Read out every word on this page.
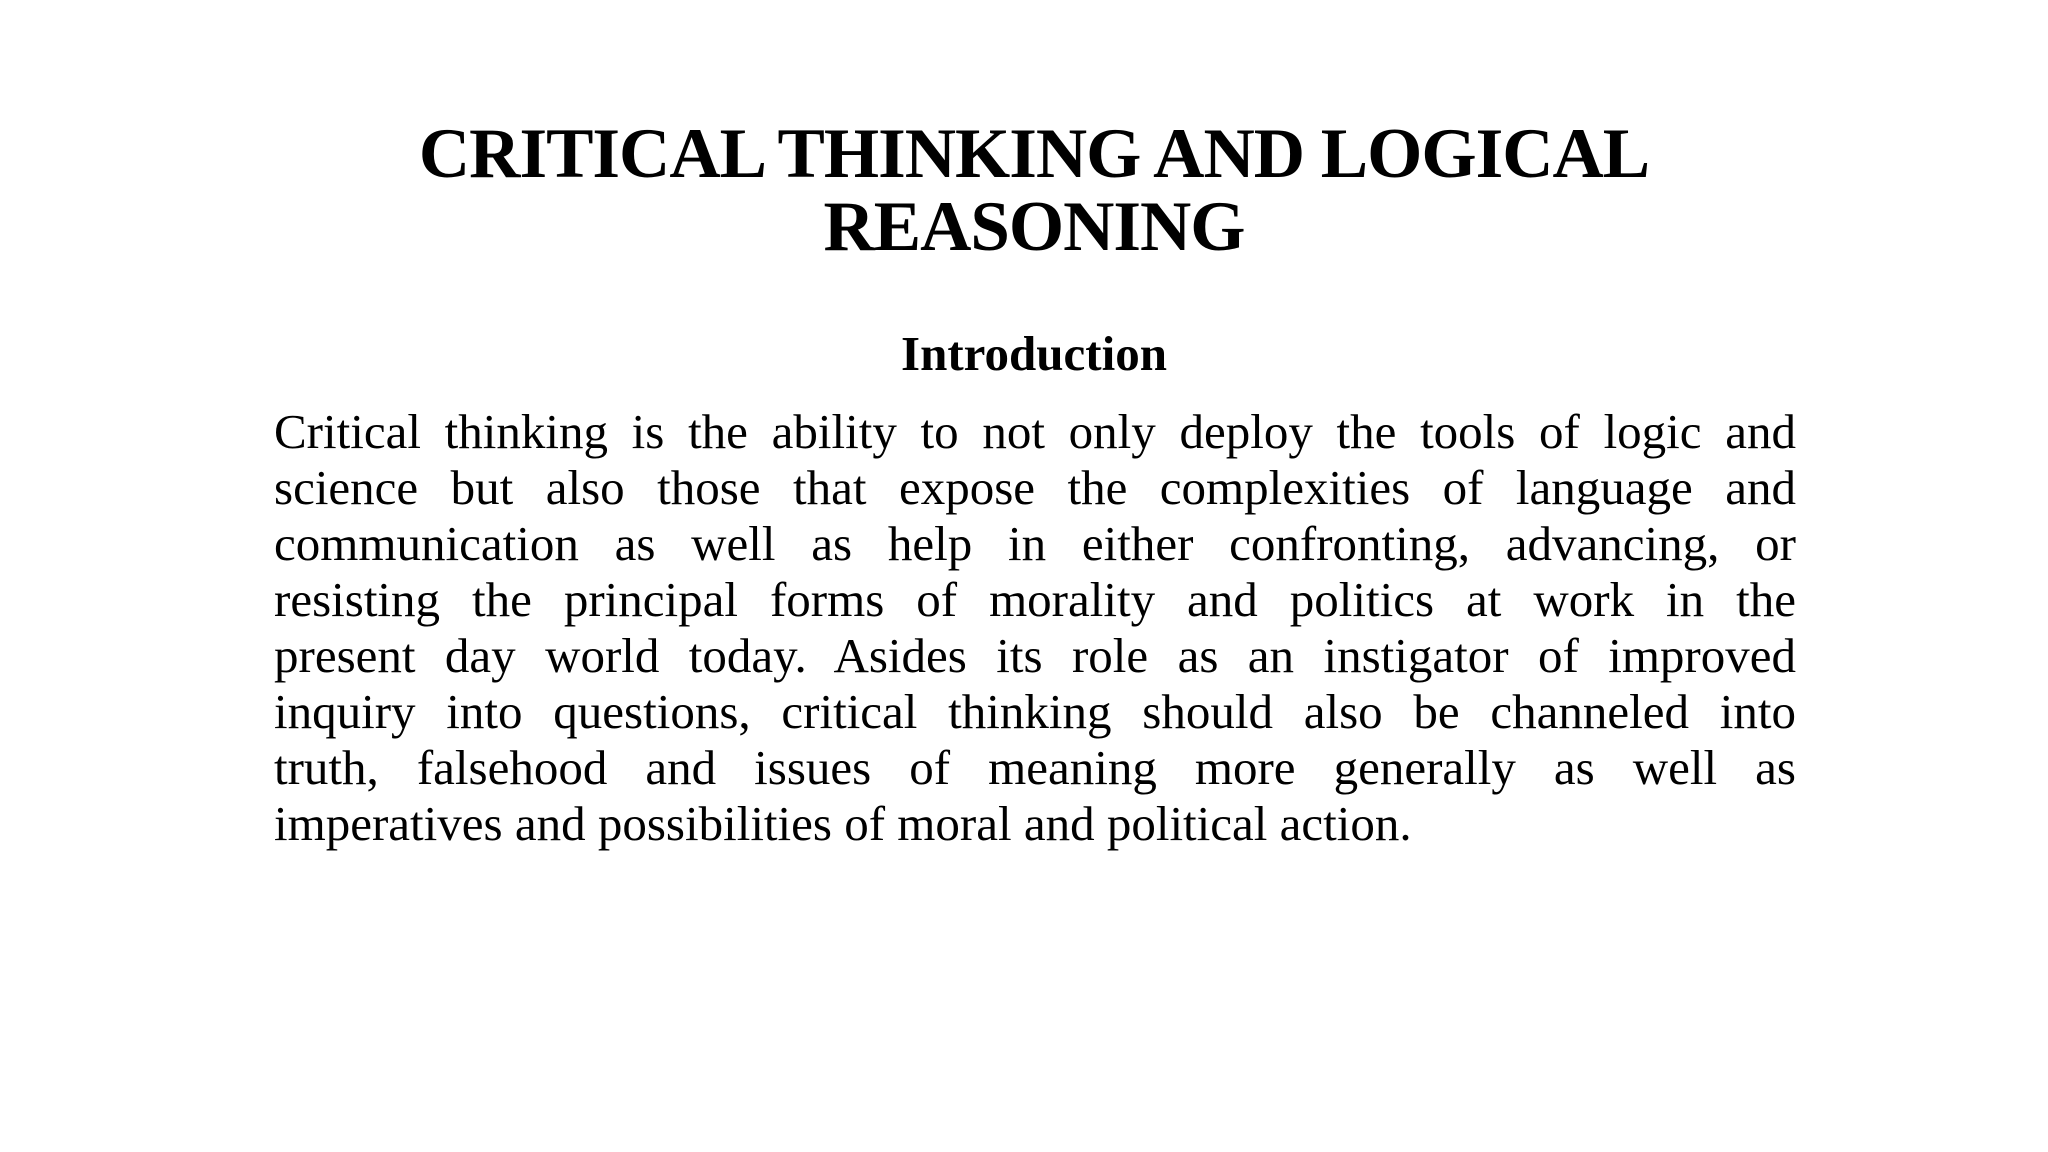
CRITICAL THINKING AND LOGICAL
REASONING
Introduction
Critical thinking is the ability to not only deploy the tools of logic and
science but also those that expose the complexities of language and
communication as well as help in either confronting, advancing, or
resisting the principal forms of morality and politics at work in the
present day world today. Asides its role as an instigator of improved
inquiry into questions, critical thinking should also be channeled into
truth, falsehood and issues of meaning more generally as well as
imperatives and possibilities of moral and political action.
